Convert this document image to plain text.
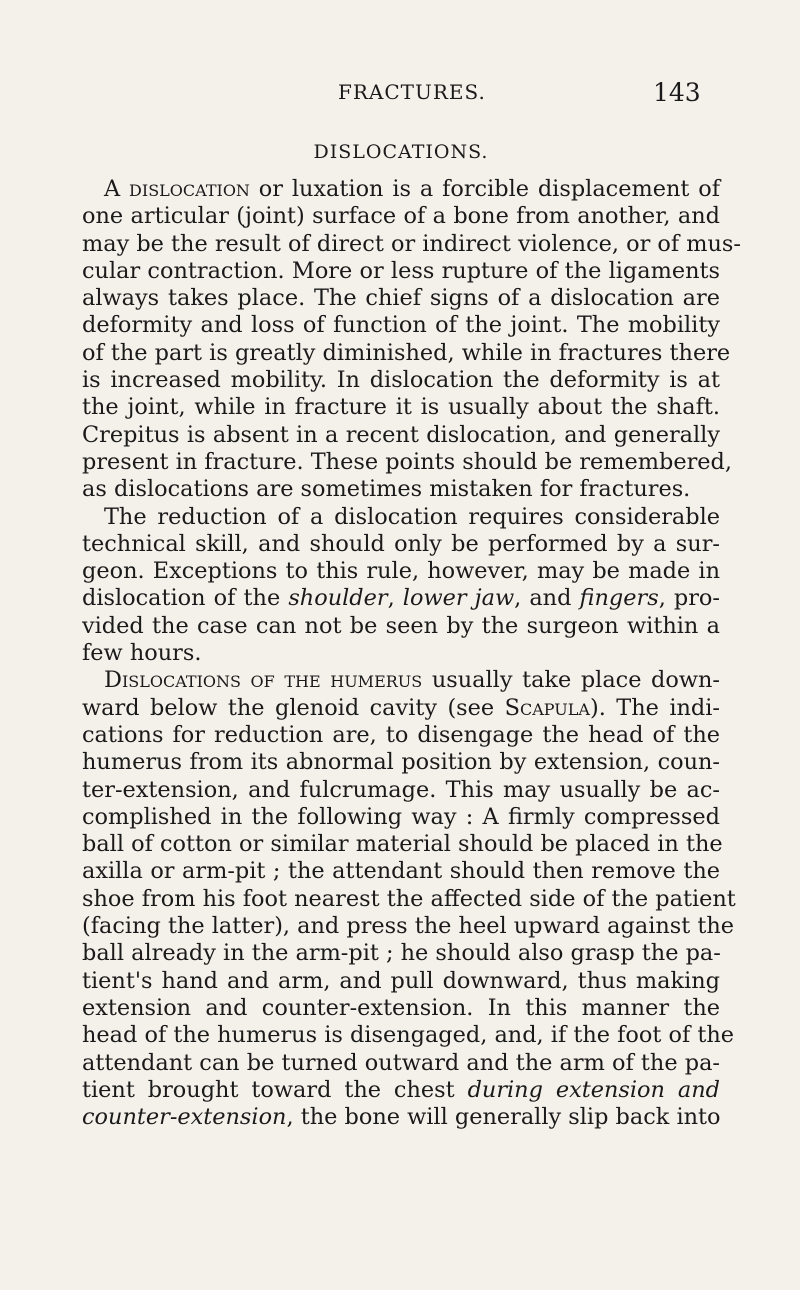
FRACTURES.	143
DISLOCATIONS.
A dislocation or luxation is a forcible displacement of
one articular (joint) surface of a bone from another, and
may be the result of direct or indirect violence, or of mus-
cular contraction. More or less rupture of the ligaments
always takes place. The chief signs of a dislocation are
deformity and loss of function of the joint. The mobility
of the part is greatly diminished, while in fractures there
is increased mobility. In dislocation the deformity is at
the joint, while in fracture it is usually about the shaft.
Crepitus is absent in a recent dislocation, and generally
present in fracture. These points should be remembered,
as dislocations are sometimes mistaken for fractures.
The reduction of a dislocation requires considerable
technical skill, and should only be performed by a sur-
geon. Exceptions to this rule, however, may be made in
dislocation of the shoulder, lower jaw, and fingers, pro-
vided the case can not be seen by the surgeon within a
few hours.
Dislocations of the humerus usually take place down-
ward below the glenoid cavity (see Scapula). The indi-
cations for reduction are, to disengage the head of the
humerus from its abnormal position by extension, coun-
ter-extension, and fulcrumage. This may usually be ac-
complished in the following way : A firmly compressed
ball of cotton or similar material should be placed in the
axilla or arm-pit ; the attendant should then remove the
shoe from his foot nearest the affected side of the patient
(facing the latter), and press the heel upward against the
ball already in the arm-pit ; he should also grasp the pa-
tient's hand and arm, and pull downward, thus making
extension and counter-extension. In this manner the
head of the humerus is disengaged, and, if the foot of the
attendant can be turned outward and the arm of the pa-
tient brought toward the chest during extension and
counter-extension, the bone will generally slip back into
